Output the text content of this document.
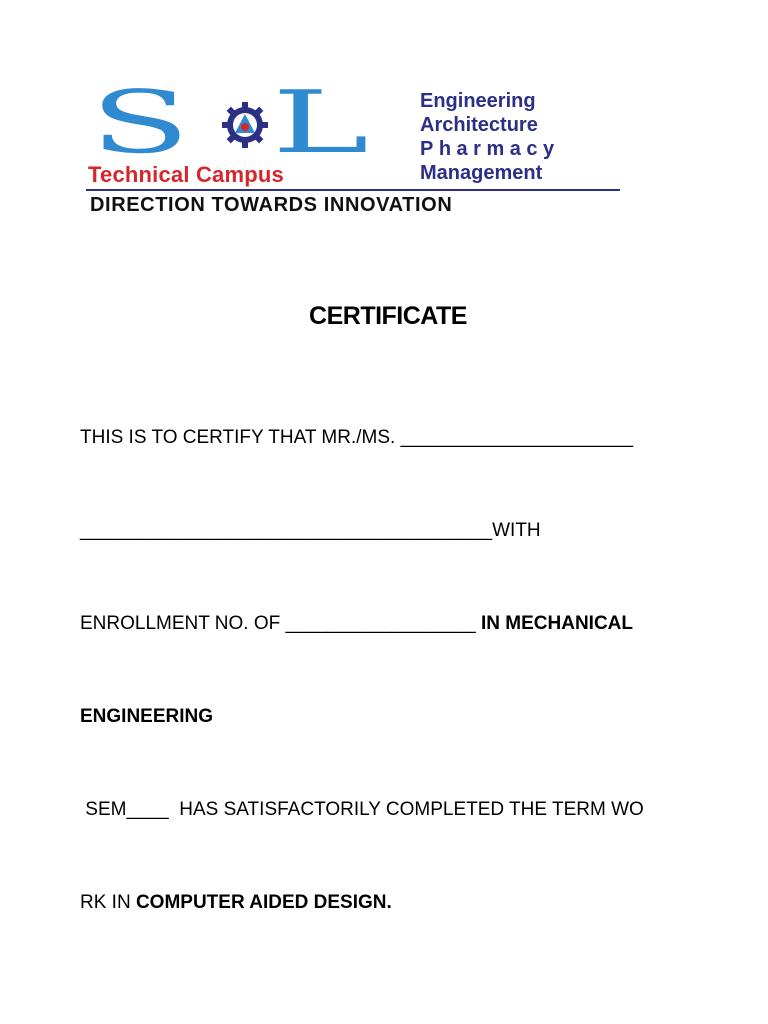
S L
Technical Campus
Engineering
Architecture
Pharmacy
Management
DIRECTION TOWARDS INNOVATION
CERTIFICATE

THIS IS TO CERTIFY THAT MR./MS. ______________________

_______________________________________WITH

ENROLLMENT NO. OF __________________ IN MECHANICAL

ENGINEERING

SEM____  HAS SATISFACTORILY COMPLETED THE TERM WO

RK IN COMPUTER AIDED DESIGN.
